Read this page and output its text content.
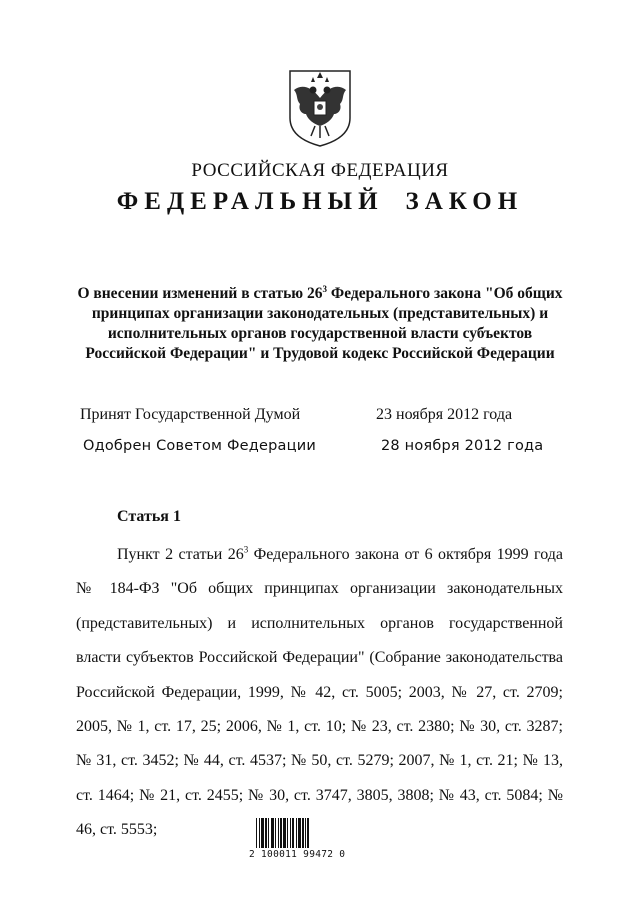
РОССИЙСКАЯ ФЕДЕРАЦИЯ
ФЕДЕРАЛЬНЫЙ ЗАКОН
О внесении изменений в статью $26^3$ Федерального закона "Об общих принципах организации законодательных (представительных) и исполнительных органов государственной власти субъектов Российской Федерации" и Трудовой кодекс Российской Федерации
Принят Государственной Думой	23 ноября 2012 года
Одобрен Советом Федерации	28 ноября 2012 года
Статья 1
Пункт 2 статьи $26^3$ Федерального закона от 6 октября 1999 года № 184-ФЗ "Об общих принципах организации законодательных (представительных) и исполнительных органов государственной власти субъектов Российской Федерации" (Собрание законодательства Российской Федерации, 1999, № 42, ст. 5005; 2003, № 27, ст. 2709; 2005, № 1, ст. 17, 25; 2006, № 1, ст. 10; № 23, ст. 2380; № 30, ст. 3287; № 31, ст. 3452; № 44, ст. 4537; № 50, ст. 5279; 2007, № 1, ст. 21; № 13, ст. 1464; № 21, ст. 2455; № 30, ст. 3747, 3805, 3808; № 43, ст. 5084; № 46, ст. 5553;
2 100011 99472 0
